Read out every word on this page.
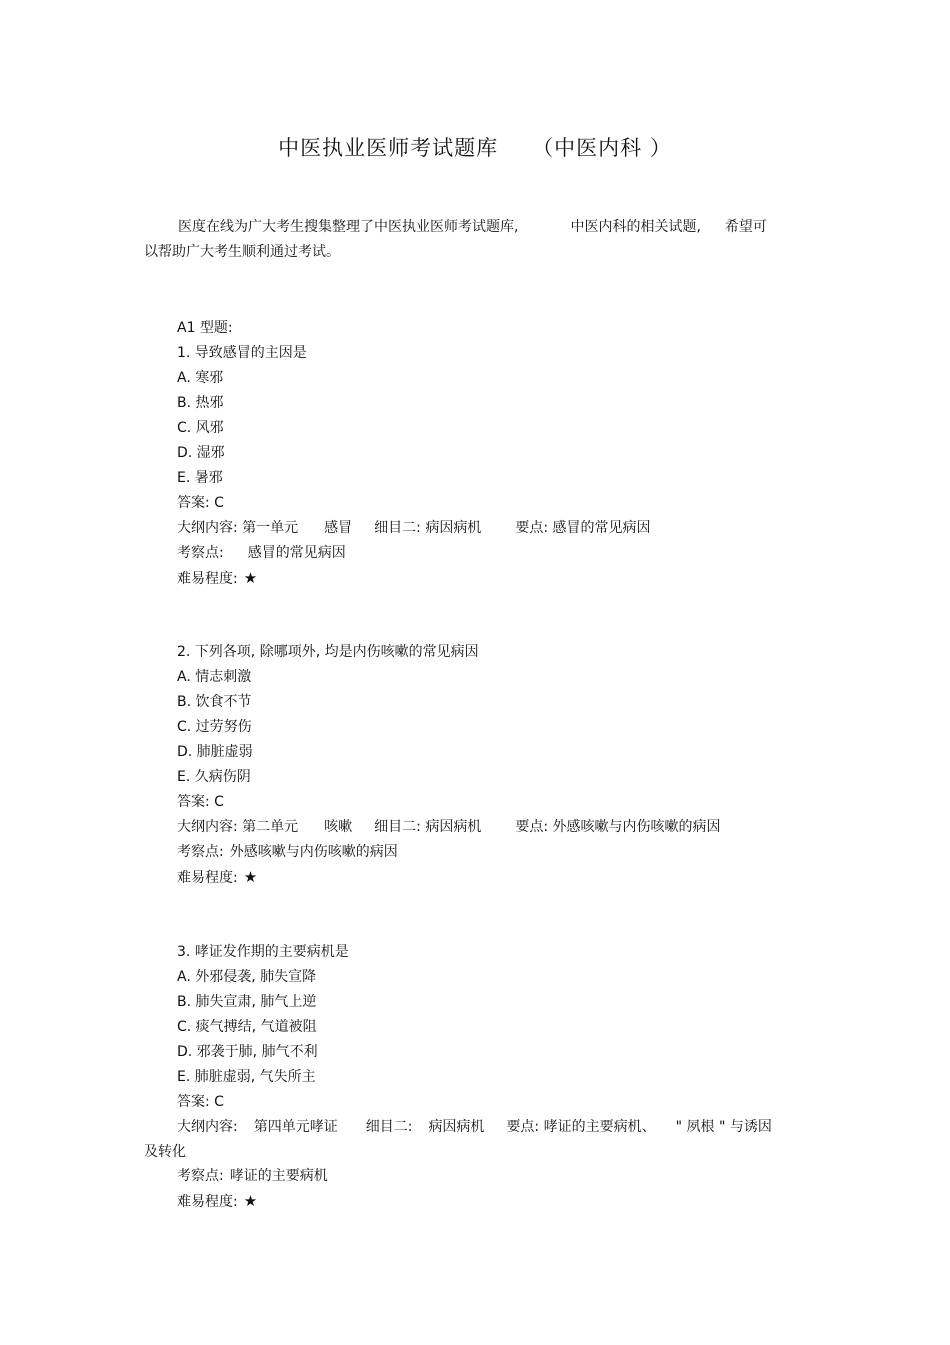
中医执业医师考试题库 （中医内科 ）
医度在线为广大考生搜集整理了中医执业医师考试题库,	中医内科的相关试题, 希望可
以帮助广大考生顺利通过考试。
A1 型题:
1. 导致感冒的主因是
A. 寒邪
B. 热邪
C. 风邪
D. 湿邪
E. 暑邪
答案: C
大纲内容: 第一单元 感冒 细目二: 病因病机 要点: 感冒的常见病因
考察点: 感冒的常见病因
难易程度: ★
2. 下列各项, 除哪项外, 均是内伤咳嗽的常见病因
A. 情志刺激
B. 饮食不节
C. 过劳努伤
D. 肺脏虚弱
E. 久病伤阴
答案: C
大纲内容: 第二单元 咳嗽 细目二: 病因病机 要点: 外感咳嗽与内伤咳嗽的病因
考察点: 外感咳嗽与内伤咳嗽的病因
难易程度: ★
3. 哮证发作期的主要病机是
A. 外邪侵袭, 肺失宣降
B. 肺失宣肃, 肺气上逆
C. 痰气搏结, 气道被阻
D. 邪袭于肺, 肺气不利
E. 肺脏虚弱, 气失所主
答案: C
大纲内容: 第四单元哮证 细目二: 病因病机 要点: 哮证的主要病机、 " 夙根 " 与诱因
及转化
考察点: 哮证的主要病机
难易程度: ★
